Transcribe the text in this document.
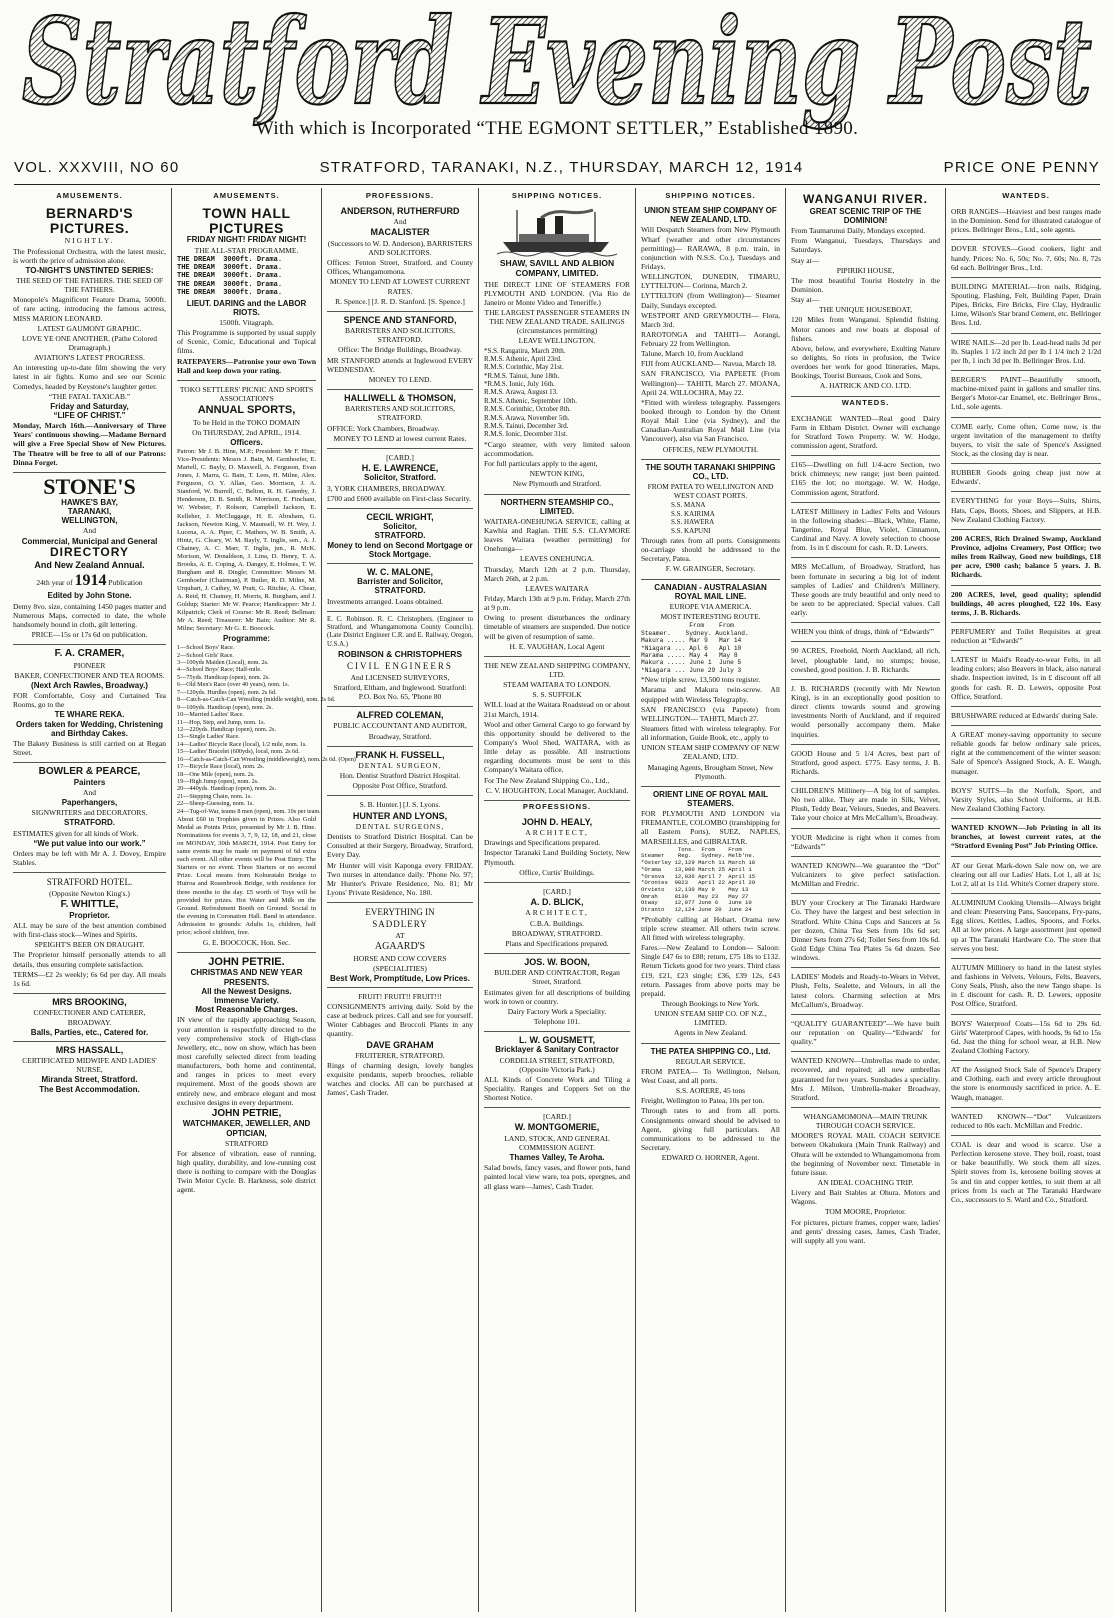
Stratford Evening Post
With which is Incorporated “THE EGMONT SETTLER,” Established 1890.
VOL. XXXVIII, NO 60	STRATFORD, TARANAKI, N.Z., THURSDAY, MARCH 12, 1914	PRICE ONE PENNY
AMUSEMENTS.
BERNARD'S PICTURES.
NIGHTLY.
The Professional Orchestra, with the latest music, is worth the price of admission alone.
TO-NIGHT'S UNSTINTED SERIES:
THE SEED OF THE FATHERS. THE SEED OF THE FATHERS.
Monopole's Magnificent Feature Drama, 5000ft. of rare acting, introducing the famous actress, MISS MARION LEONARD.
LATEST GAUMONT GRAPHIC.
LOVE YE ONE ANOTHER. (Pathe Colored Dramagraph.)
AVIATION'S LATEST PROGRESS.
An interesting up-to-date film showing the very latest in air fights. Kumo and see our Scenic Comedys, headed by Keystone's laughter getter.
“THE FATAL TAXICAB.”
Friday and Saturday,
“LIFE OF CHRIST.”
Monday, March 16th.—Anniversary of Three Years' continuous showing.—Madame Bernard will give a Free Special Show of New Pictures. The Theatre will be free to all of our Patrons: Dinna Forget.
STONE'S
HAWKE'S BAY,
TARANAKI,
WELLINGTON,
And
Commercial, Municipal and General
DIRECTORY
And New Zealand Annual.
24th year of 1914 Publication
Edited by John Stone.
Demy 8vo. size, containing 1450 pages matter and Numerous Maps, corrected to date, the whole handsomely bound in cloth, gilt lettering.
PRICE—15s or 17s 6d on publication.
F. A. CRAMER,
PIONEER
BAKER, CONFECTIONER AND TEA ROOMS.
(Next Arch Rawles, Broadway.)
FOR Comfortable, Cosy and Curtained Tea Rooms, go to the
TE WHARE REKA.
Orders taken for Wedding, Christening and Birthday Cakes.
The Bakery Business is still carried on at Regan Street.
BOWLER & PEARCE,
Painters
And
Paperhangers,
SIGNWRITERS and DECORATORS.
STRATFORD.
ESTIMATES given for all kinds of Work.
“We put value into our work.”
Orders may be left with Mr A. J. Dovey, Empire Stables.
STRATFORD HOTEL.
(Opposite Newton King's.)
F. WHITTLE,
Proprietor.
ALL may be sure of the best attention combined with first-class stock—Wines and Spirits.
SPEIGHT'S BEER ON DRAUGHT.
The Proprietor himself personally attends to all details, thus ensuring complete satisfaction.
TERMS—£2 2s weekly; 6s 6d per day. All meals 1s 6d.
MRS BROOKING,
CONFECTIONER AND CATERER, BROADWAY.
Balls, Parties, etc., Catered for.
MRS HASSALL,
CERTIFICATED MIDWIFE AND LADIES' NURSE,
Miranda Street, Stratford.
The Best Accommodation.
AMUSEMENTS.
TOWN HALL PICTURES
FRIDAY NIGHT! FRIDAY NIGHT!
THE ALL-STAR PROGRAMME.
THE DREAM  3000ft. Drama.
THE DREAM  3000ft. Drama.
THE DREAM  3000ft. Drama.
THE DREAM  3000ft. Drama.
THE DREAM  3000ft. Drama.
LIEUT. DARING and the LABOR RIOTS.
1500ft. Vitagraph.
This Programme is supported by usual supply of Scenic, Comic, Educational and Topical films.
RATEPAYERS—Patronise your own Town Hall and keep down your rating.
TOKO SETTLERS' PICNIC AND SPORTS ASSOCIATION'S
ANNUAL SPORTS,
To be Held in the TOKO DOMAIN
On THURSDAY, 2nd APRIL, 1914.
Officers.
Patron: Mr J. B. Hine, M.P.; President: Mr F. Hine; Vice-Presidents: Messrs J. Bain, M. Gernhoefer, E. Martell, C. Bayly, D. Maxwell, A. Ferguson, Evan Jones, J. Marra, G. Bain, T. Lees, H. Milne, Alex. Ferguson, O. Y. Allan, Geo. Morrison, J. A. Stanford, W. Burrell, C. Belton, R. H. Gatenby, J. Henderson, D. B. Smith, R. Morrison, E. Fincham, W. Webster, F. Robson, Campbell Jackson, E. Kelleher, J. McCluggage, H. E. Abraham, G. Jackson, Newton King, V. Maunsell, W. H. Wey, J. Lucena, A. A. Piper, C. Mathers, W. B. Smith, A. Hintz, G. Cleary, W. M. Bayly, T. Inglis, sen., A. J. Chainey, A. C. Marr, T. Inglis, jun., R. McK. Morison, W. Donaldson, J. Lina, D. Henry, T. A. Brooks, A. E. Coping, A. Dangey, E. Holmes, T. W. Burgham and R. Dingle; Committee: Messrs M. Gernhoefer (Chairman), P. Butler, R. D. Milne, M. Urquhart, J. Cathey, W. Pratt, G. Ritchie, A. Chear, A. Reid, H. Chainey, H. Morris, R. Burgham, and J. Goldup; Starter: Mr W. Pearce; Handicapper: Mr J. Kilpatrick; Clerk of Course: Mr R. Reed; Bellman: Mr A. Reed; Treasurer: Mr Bain; Auditor: Mr R. Milne; Secretary: Mr G. E. Boocock.
Programme:
1—School Boys' Race.
2—School Girls' Race.
3—100yds Maiden (Local), nom. 2s.
4—School Boys' Race; Half-mile.
5—75yds. Handicap (open), nom. 2s.
6—Old Men's Race (over 40 years), nom. 1s.
7—120yds. Hurdles (open), nom. 2s 6d.
8—Catch-as-Catch-Can Wrestling (middle weight), nom. 2s 6d.
9—100yds. Handicap (open), nom. 2s.
10—Married Ladies' Race.
11—Hop, Step, and Jump, nom. 1s.
12—220yds. Handicap (open), nom. 2s.
13—Single Ladies' Race.
14—Ladies' Bicycle Race (local), 1/2 mile, nom. 1s.
15—Ladies' Bracelet (600yds), local, nom. 2s 6d.
16—Catch-as-Catch-Can Wrestling (middleweight), nom. 2s 6d. (Open)
17—Bicycle Race (local), nom. 2s.
18—One Mile (open), nom. 2s.
19—High Jump (open), nom. 2s.
20—440yds. Handicap (open), nom. 2s.
21—Stepping Chain, nom. 1s.
22—Sheep-Guessing, nom. 1s.
24—Tug-of-War, teams 8 men (open), nom. 10s per team.
About £60 in Trophies given in Prizes. Also Gold Medal as Points Prize, presented by Mr J. B. Hine. Nominations for events 3, 7, 9, 12, 18, and 21, close on MONDAY, 30th MARCH, 1914. Post Entry for same events may be made on payment of 6d extra each event. All other events will be Post Entry. The Starters or no event. Three Starters or no second Prize. Local means from Kohuratahi Bridge to Huiroa and Rosenbrook Bridge, with residence for three months to the day. £5 worth of Toys will be provided for prizes. Hot Water and Milk on the Ground. Refreshment Booth on Ground. Social in the evening in Coronation Hall. Band in attendance. Admission to grounds: Adults 1s, children, half price; school children, free.
G. E. BOOCOCK, Hon. Sec.
JOHN PETRIE.
CHRISTMAS AND NEW YEAR PRESENTS.
All the Newest Designs.
Immense Variety.
Most Reasonable Charges.
IN view of the rapidly approaching Season, your attention is respectfully directed to the very comprehensive stock of High-class Jewellery, etc., now on show, which has been most carefully selected direct from leading manufacturers, both home and continental, and ranges in prices to meet every requirement. Most of the goods shown are entirely new, and embrace elegant and most exclusive designs in every department.
JOHN PETRIE,
WATCHMAKER, JEWELLER, AND OPTICIAN,
STRATFORD
For absence of vibration, ease of running, high quality, durability, and low-running cost there is nothing to compare with the Douglas Twin Motor Cycle. B. Harkness, sole district agent.
PROFESSIONS.
ANDERSON, RUTHERFURD
And
MACALISTER
(Successors to W. D. Anderson), BARRISTERS AND SOLICITORS.
Offices: Fenton Street, Stratford, and County Offices, Whangamomona.
MONEY TO LEND AT LOWEST CURRENT RATES.
R. Spence.] [J. R. D. Stanford. [S. Spence.]
SPENCE AND STANFORD,
BARRISTERS AND SOLICITORS, STRATFORD.
Office: The Bridge Buildings, Broadway.
MR STANFORD attends at Inglewood EVERY WEDNESDAY.
MONEY TO LEND.
HALLIWELL & THOMSON,
BARRISTERS AND SOLICITORS, STRATFORD.
OFFICE: York Chambers, Broadway.
MONEY TO LEND at lowest current Rates.
[CARD.]
H. E. LAWRENCE,
Solicitor, Stratford.
3, YORK CHAMBERS, BROADWAY.
£700 and £600 available on First-class Security.
CECIL WRIGHT,
Solicitor,
STRATFORD.
Money to lend on Second Mortgage or Stock Mortgage.
W. C. MALONE,
Barrister and Solicitor,
STRATFORD.
Investments arranged. Loans obtained.
E. C. Robinson. R. C. Christophers. (Engineer to Stratford, and Whangamomona County Councils). (Late District Engineer C.R. and E. Railway, Oregon, U.S.A.)
ROBINSON & CHRISTOPHERS
CIVIL ENGINEERS
And LICENSED SURVEYORS,
Stratford, Eltham, and Inglewood. Stratford: P.O. Box No. 65, 'Phone 80
ALFRED COLEMAN,
PUBLIC ACCOUNTANT AND AUDITOR,
Broadway, Stratford.
FRANK H. FUSSELL,
DENTAL SURGEON,
Hon. Dentist Stratford District Hospital.
Opposite Post Office, Stratford.
S. B. Hunter.] [J. S. Lyons.
HUNTER AND LYONS,
DENTAL SURGEONS,
Dentists to Stratford District Hospital. Can be Consulted at their Surgery, Broadway, Stratford, Every Day.
Mr Hunter will visit Kaponga every FRIDAY. Two nurses in attendance daily. 'Phone No. 97; Mr Hunter's Private Residence, No. 81; Mr Lyons' Private Residence, No. 180.
EVERYTHING IN
SADDLERY
AT
AGAARD'S
HORSE AND COW COVERS (SPECIALITIES)
Best Work, Promptitude, Low Prices.
FRUIT! FRUIT!! FRUIT!!!
CONSIGNMENTS arriving daily. Sold by the case at bedrock prices. Call and see for yourself. Winter Cabbages and Broccoli Plants in any quantity.
DAVE GRAHAM
FRUITERER, STRATFORD.
Rings of charming design, lovely bangles exquisite pendants, superb brooches, reliable watches and clocks. All can be purchased at James', Cash Trader.
SHIPPING NOTICES.
SHAW, SAVILL AND ALBION COMPANY, LIMITED.
THE DIRECT LINE OF STEAMERS FOR PLYMOUTH AND LONDON. (Via Rio de Janeiro or Monte Video and Teneriffe.)
THE LARGEST PASSENGER STEAMERS IN THE NEW ZEALAND TRADE. SAILINGS (circumstances permitting)
LEAVE WELLINGTON.
*S.S. Rangatira, March 20th.
R.M.S. Athenic, April 23rd.
R.M.S. Corinthic, May 21st.
*R.M.S. Tainui, June 18th.
*R.M.S. Ionic, July 16th.
R.M.S. Arawa, August 13.
R.M.S. Athenic, September 10th.
R.M.S. Corinthic, October 8th.
R.M.S. Arawa, November 5th.
R.M.S. Tainui, December 3rd.
R.M.S. Ionic, December 31st.
*Cargo steamer, with very limited saloon accommodation.
For full particulars apply to the agent,
NEWTON KING,
New Plymouth and Stratford.
NORTHERN STEAMSHIP CO., LIMITED.
WAITARA-ONEHUNGA SERVICE, calling at Kawhia and Raglan. THE S.S. CLAYMORE leaves Waitara (weather permitting) for Onehunga—
LEAVES ONEHUNGA.
Thursday, March 12th at 2 p.m. Thursday, March 26th, at 2 p.m.
LEAVES WAITARA
Friday, March 13th at 9 p.m. Friday, March 27th at 9 p.m.
Owing to present disturbances the ordinary timetable of steamers are suspended. Due notice will be given of resumption of same.
H. E. VAUGHAN, Local Agent
THE NEW ZEALAND SHIPPING COMPANY, LTD.
STEAM WAITARA TO LONDON.
S. S. SUFFOLK
WILL load at the Waitara Roadstead on or about 21st March, 1914.
Wool and other General Cargo to go forward by this opportunity should be delivered to the Company's Wool Shed, WAITARA, with as little delay as possible. All instructions regarding documents must be sent to this Company's Waitara office.
For The New Zealand Shipping Co., Ltd.,
C. V. HOUGHTON, Local Manager, Auckland.
PROFESSIONS.
JOHN D. HEALY,
ARCHITECT,
Drawings and Specifications prepared.
Inspector Taranaki Land Building Society, New Plymouth.
Office, Curtis' Buildings.
[CARD.]
A. D. BLICK,
ARCHITECT,
C.B.A. Buildings.
BROADWAY, STRATFORD.
Plans and Specifications prepared.
JOS. W. BOON,
BUILDER AND CONTRACTOR, Regan Street, Stratford.
Estimates given for all descriptions of building work in town or country.
Dairy Factory Work a Speciality.
Telephone 101.
L. W. GOUSMETT,
Bricklayer & Sanitary Contractor
CORDELIA STREET, STRATFORD, (Opposite Victoria Park.)
ALL Kinds of Concrete Work and Tiling a Speciality. Ranges and Coppers Set on the Shortest Notice.
[CARD.]
W. MONTGOMERIE,
LAND, STOCK, AND GENERAL COMMISSION AGENT.
Thames Valley, Te Aroha.
Salad bowls, fancy vases, and flower pots, hand painted local view ware, tea pots, epergnes, and all glass ware—James', Cash Trader.
SHIPPING NOTICES.
UNION STEAM SHIP COMPANY OF NEW ZEALAND, LTD.
Will Despatch Steamers from New Plymouth Wharf (weather and other circumstances permitting)— RARAWA, 8 p.m. train, in conjunction with N.S.S. Co.), Tuesdays and Fridays.
WELLINGTON, DUNEDIN, TIMARU, LYTTELTON— Corinna, March 2.
LYTTELTON (from Wellington)— Steamer Daily, Sundays excepted.
WESTPORT AND GREYMOUTH— Flora, March 3rd.
RAROTONGA and TAHITI— Aorangi, February 22 from Wellington.
Talune, March 10, from Auckland
FIJI from AUCKLAND— Navua, March 18.
SAN FRANCISCO, Via PAPEETE (From Wellington)— TAHITI, March 27. MOANA, April 24. WILLOCHRA, May 22.
*Fitted with wireless telegraphy. Passengers booked through to London by the Orient Royal Mail Line (via Sydney), and the Canadian-Australian Royal Mail Line (via Vancouver), also via San Francisco.
OFFICES, NEW PLYMOUTH.
THE SOUTH TARANAKI SHIPPING CO., LTD.
FROM PATEA TO WELLINGTON AND WEST COAST PORTS.
S.S. MANA
S.S. KAIRIMA
S.S. HAWERA
S.S. KAPUNI
Through rates from all ports. Consignments on-carriage should be addressed to the Secretary, Patea.
F. W. GRAINGER, Secretary.
CANADIAN - AUSTRALASIAN ROYAL MAIL LINE.
EUROPE VIA AMERICA.
MOST INTERESTING ROUTE.
From    From
Steamer.    Sydney. Auckland.
Makura ..... Mar 9   Mar 14
*Niagara ... Apl 6   Apl 10
Marama ..... May 4   May 8
Makura ..... June 1  June 5
*Niagara ... June 29 July 3
*New triple screw, 13,500 tons register.
Marama and Makura twin-screw. All equipped with Wireless Telegraphy.
SAN FRANCISCO (via Papeete) from WELLINGTON— TAHITI, March 27.
Steamers fitted with wireless telegraphy. For all information, Guide Book, etc., apply to
UNION STEAM SHIP COMPANY OF NEW ZEALAND, LTD.
Managing Agents, Brougham Street, New Plymouth.
ORIENT LINE OF ROYAL MAIL STEAMERS.
FOR PLYMOUTH AND LONDON via FREMANTLE, COLOMBO (transhipping for all Eastern Ports), SUEZ, NAPLES, MARSEILLES, and GIBRALTAR.
Tons.  From    From
Steamer    Reg.   Sydney. Melb'ne.
*Osterley 12,129 March 11 March 18
*Orama    13,000 March 25 April 1
*Orsova   12,036 April 7  April 15
*Orontes  9023   April 22 April 29
Orvieto   12,130 May 9    May 13
Omrah     8130   May 23   May 27
Otway     12,077 June 6   June 10
Otranto   12,124 June 20  June 24
*Probably calling at Hobart. Orama new triple screw steamer. All others twin screw. All fitted with wireless telegraphy.
Fares.—New Zealand to London— Saloon: Single £47 6s to £88; return, £75 18s to £132. Return Tickets good for two years. Third class £19, £21, £23 single; £36, £39 12s, £43 return. Passages from above ports may be prepaid.
Through Bookings to New York.
UNION STEAM SHIP CO. OF N.Z., LIMITED.
Agents in New Zealand.
THE PATEA SHIPPING CO., Ltd.
REGULAR SERVICE.
FROM PATEA— To Wellington, Nelson, West Coast, and all ports.
S.S. AORERE, 45 tons
Freight, Wellington to Patea, 10s per ton.
Through rates to and from all ports. Consignments onward should be advised to Agent, giving full particulars. All communications to be addressed to the Secretary.
EDWARD O. HORNER, Agent.
WANGANUI RIVER.
GREAT SCENIC TRIP OF THE DOMINION!
From Taumarunui Daily, Mondays excepted.
From Wanganui, Tuesdays, Thursdays and Saturdays.
Stay at—
PIPIRIKI HOUSE,
The most beautiful Tourist Hostelry in the Dominion.
Stay at—
THE UNIQUE HOUSEBOAT,
120 Miles from Wanganui. Splendid fishing. Motor canoes and row boats at disposal of fishers.
Above, below, and everywhere, Exulting Nature so delights, So riots in profusion, the Twice overdoes her work for good Itineraries, Maps, Bookings, Tourist Bureaus, Cook and Sons,
A. HATRICK AND CO. LTD.
WANTEDS.
EXCHANGE WANTED—Real good Dairy Farm in Eltham District. Owner will exchange for Stratford Town Property. W. W. Hodge, commission agent, Stratford.
£165—Dwelling on full 1/4-acre Section, two brick chimneys; new range; just been painted. £165 the lot; no mortgage. W. W. Hodge, Commission agent, Stratford.
LATEST Millinery in Ladies' Felts and Velours in the following shades:—Black, White, Flame, Tangerine, Royal Blue, Violet, Cinnamon, Cardinal and Navy. A lovely selection to choose from. 1s in £ discount for cash. R. D. Lewers.
MRS McCallum, of Broadway, Stratford, has been fortunate in securing a big lot of indent samples of Ladies' and Children's Millinery. These goods are truly beautiful and only need to be seen to be appreciated. Special values. Call early.
WHEN you think of drugs, think of “Edwards'”
90 ACRES, Freehold, North Auckland, all rich, level, ploughable land, no stumps; house, cowshed, good position. J. B. Richards.
J. B. RICHARDS (recently with Mr Newton King), is in an exceptionally good position to direct clients towards sound and growing investments North of Auckland, and if required would personally accompany them. Make inquiries.
GOOD House and 5 1/4 Acres, best part of Stratford, good aspect. £775. Easy terms, J. B. Richards.
CHILDREN'S Millinery—A big lot of samples. No two alike. They are made in Silk, Velvet, Plush, Teddy Bear, Velours, Suedes, and Beavers. Take your choice at Mrs McCallum's, Broadway.
YOUR Medicine is right when it comes from “Edwards'”
WANTED KNOWN—We guarantee the “Dot” Vulcanizers to give perfect satisfaction. McMillan and Fredric.
BUY your Crockery at The Taranaki Hardware Co. They have the largest and best selection in Stratford. White China Cups and Saucers at 5s per dozen, China Tea Sets from 10s 6d set; Dinner Sets from 27s 6d; Toilet Sets from 10s 6d. Gold Edge China Tea Plates 5s 6d dozen. See windows.
LADIES' Models and Ready-to-Wears in Velvet, Plush, Felts, Sealette, and Velours, in all the latest colors. Charming selection at Mrs McCallum's, Broadway.
“QUALITY GUARANTEED”—We have built our reputation on Quality—“Edwards' for quality.”
WANTED KNOWN—Umbrellas made to order, recovered, and repaired; all new umbrellas guaranteed for two years. Sunshades a speciality. Mrs J. Milson, Umbrella-maker Broadway, Stratford.
WHANGAMOMONA—MAIN TRUNK THROUGH COACH SERVICE.
MOORE'S ROYAL MAIL COACH SERVICE between Okahukura (Main Trunk Railway) and Ohura will be extended to Whangamomona from the beginning of November next. Timetable in future issue.
AN IDEAL COACHING TRIP.
Livery and Bait Stables at Ohura. Motors and Wagons.
TOM MOORE, Proprietor.
For pictures, picture frames, copper ware, ladies' and gents' dressing cases, James, Cash Trader, will supply all you want.
WANTEDS.
ORB RANGES—Heaviest and best ranges made in the Dominion. Send for illustrated catalogue of prices. Bellringer Bros., Ltd., sole agents.
DOVER STOVES—Good cookers, light and handy. Prices: No. 6, 50s; No. 7, 60s; No. 8, 72s 6d each. Bellringer Bros., Ltd.
BUILDING MATERIAL—Iron nails, Ridging, Spouting, Flashing, Felt, Building Paper, Drain Pipes, Bricks, Fire Bricks, Fire Clay, Hydraulic Lime, Wilson's Star brand Cement, etc. Bellringer Bros. Ltd.
WIRE NAILS—2d per lb. Lead-head nails 3d per lb. Staples 1 1/2 inch 2d per lb 1 1/4 inch 2 1/2d per lb, 1 inch 3d per lb. Bellringer Bros. Ltd.
BERGER'S PAINT—Beautifully smooth, machine-mixed paint in gallons and smaller tins. Berger's Motor-car Enamel, etc. Bellringer Bros., Ltd., sole agents.
COME early, Come often, Come now, is the urgent invitation of the management to thrifty buyers, to visit the sale of Spence's Assigned Stock, as the closing day is near.
RUBBER Goods going cheap just now at Edwards'.
EVERYTHING for your Boys—Suits, Shirts, Hats, Caps, Boots, Shoes, and Slippers, at H.B. New Zealand Clothing Factory.
200 ACRES, Rich Drained Swamp, Auckland Province, adjoins Creamery, Post Office; two miles from Railway, Good new buildings, £18 per acre, £900 cash; balance 5 years. J. B. Richards.
200 ACRES, level, good quality; splendid buildings, 40 acres ploughed, £22 10s. Easy terms, J. B. Richards.
PERFUMERY and Toilet Requisites at great reduction at “Edwards'”
LATEST in Maid's Ready-to-wear Felts, in all leading colors; also Beavers in black, also natural shade. Inspection invited, 1s in £ discount off all goods for cash. R. D. Lewers, opposite Post Office, Stratford.
BRUSHWARE reduced at Edwards' during Sale.
A GREAT money-saving opportunity to secure reliable goods far below ordinary sale prices, right at the commencement of the winter season: Sale of Spence's Assigned Stock, A. E. Waugh, manager.
BOYS' SUITS—In the Norfolk, Sport, and Varsity Styles, also School Uniforms, at H.B. New Zealand Clothing Factory.
WANTED KNOWN—Job Printing in all its branches, at lowest current rates, at the “Stratford Evening Post” Job Printing Office.
AT our Great Mark-down Sale now on, we are clearing out all our Ladies' Hats. Lot 1, all at 1s; Lot 2, all at 1s 11d. White's Corner drapery store.
ALUMINIUM Cooking Utensils—Always bright and clean: Preserving Pans, Saucepans, Fry-pans, Egg slices, Kettles, Ladles, Spoons, and Forks. All at low prices. A large assortment just opened up at The Taranaki Hardware Co. The store that serves you best.
AUTUMN Millinery to hand in the latest styles and fashions in Velvets, Velours, Felts, Beavers, Cony Seals, Plush, also the new Tango shape. 1s in £ discount for cash. R. D. Lewers, opposite Post Office, Stratford.
BOYS' Waterproof Coats—15s 6d to 29s 6d. Girls' Waterproof Capes, with hoods, 9s 6d to 15s 6d. Just the thing for school wear, at H.B. New Zealand Clothing Factory.
AT the Assigned Stock Sale of Spence's Drapery and Clothing, each and every article throughout the store is enormously sacrificed in price. A. E. Waugh, manager.
WANTED KNOWN—“Dot” Vulcanizers reduced to 80s each. McMillan and Fredric.
COAL is dear and wood is scarce. Use a Perfection kerosene stove. They boil, roast, toast or bake beautifully. We stock them all sizes. Spirit stoves from 1s, kerosene boiling stoves at 5s and tin and copper kettles, to suit them at all prices from 1s each at The Taranaki Hardware Co., successors to S. Ward and Co., Stratford.
